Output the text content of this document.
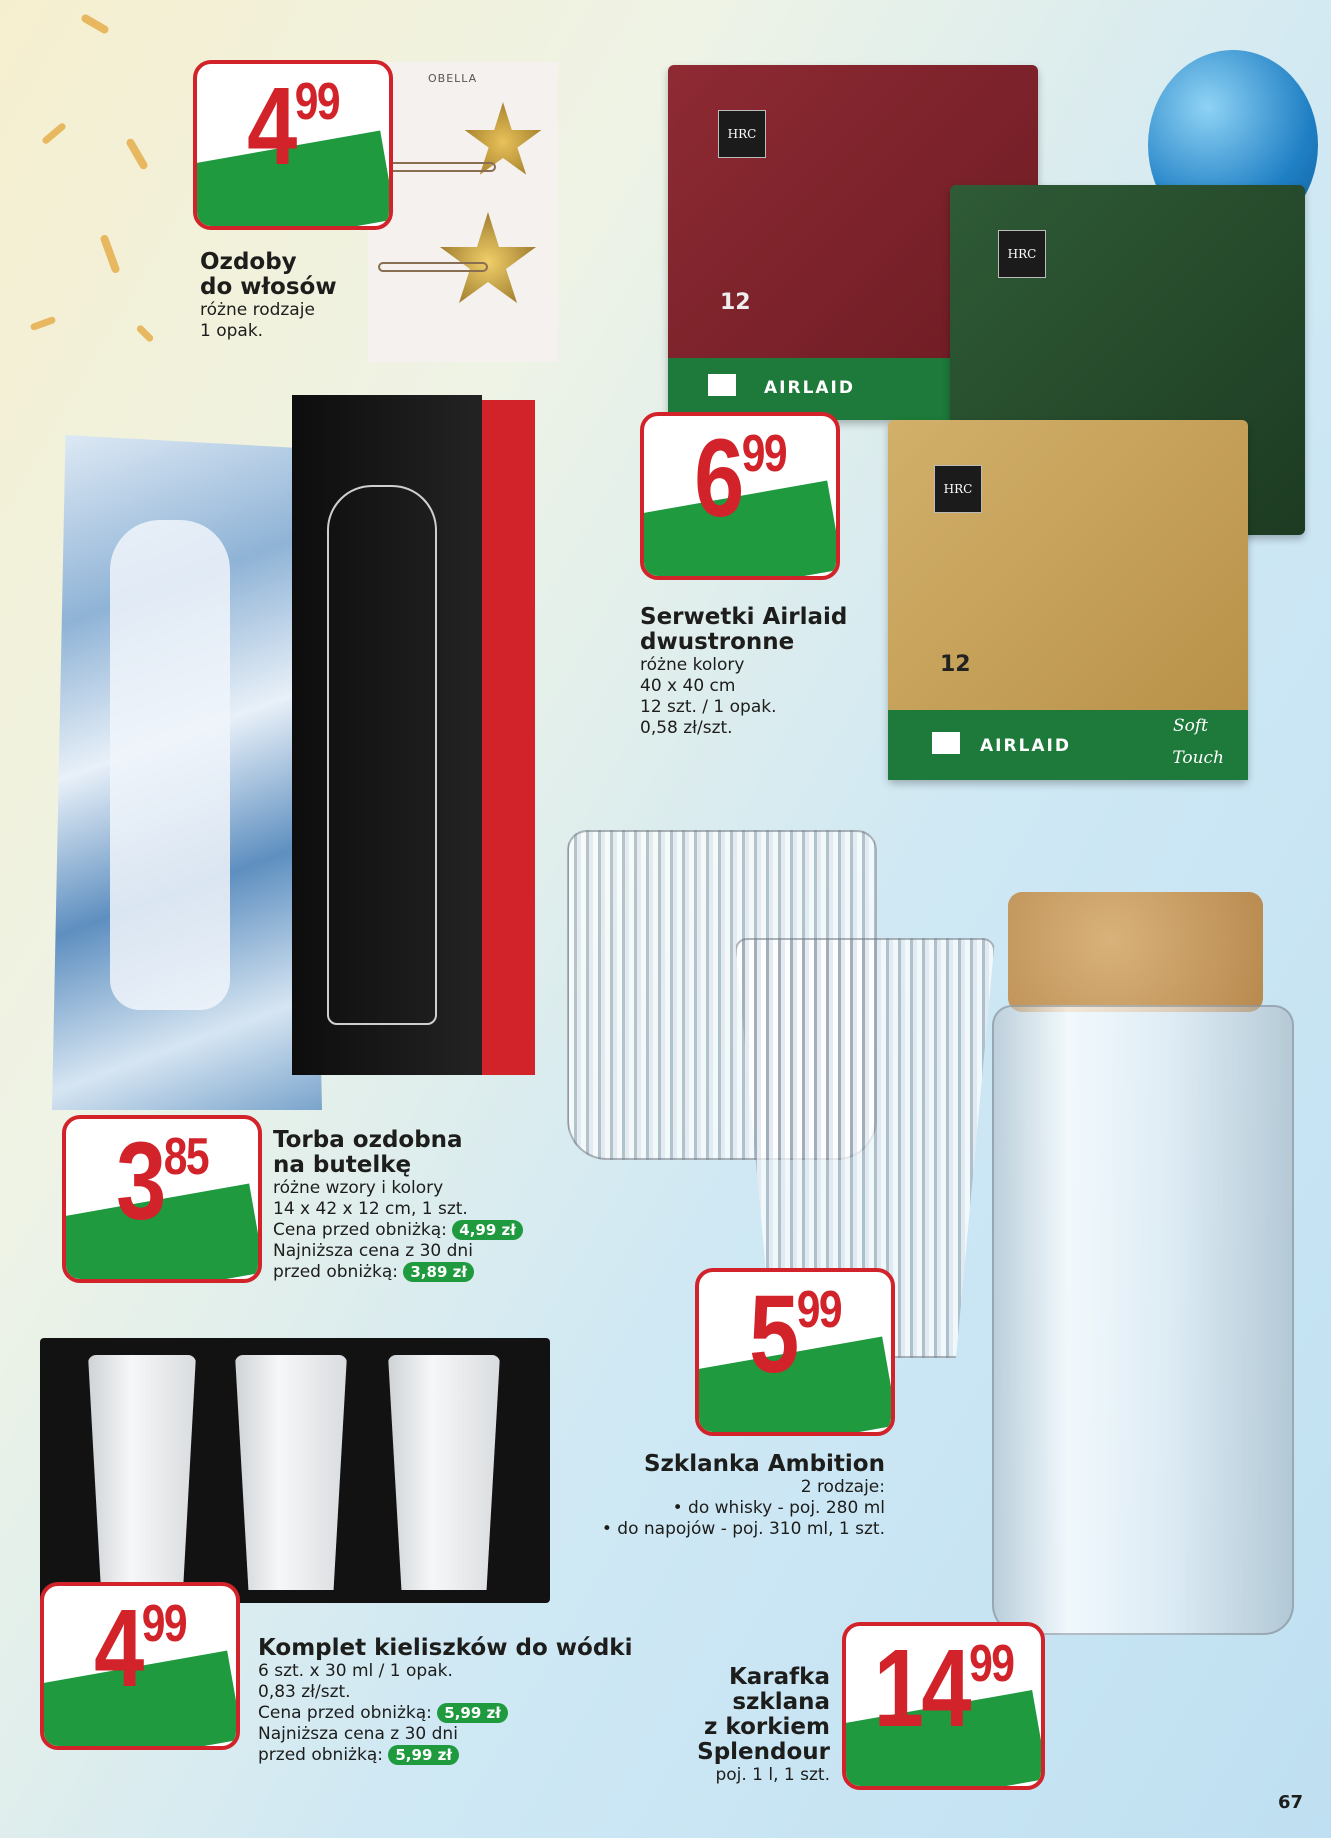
OBELLA
499
Ozdoby
do włosów
różne rodzaje
1 opak.
HRC
12
AIRLAID
HRC
HRC
12
AIRLAID
Soft
Touch
699
Serwetki Airlaid
dwustronne
różne kolory
40 x 40 cm
12 szt. / 1 opak.
0,58 zł/szt.
385	Torba ozdobna
na butelkę
różne wzory i kolory
14 x 42 x 12 cm, 1 szt.
Cena przed obniżką: 4,99 zł
Najniższa cena z 30 dni
przed obniżką: 3,89 zł
599
Szklanka Ambition
2 rodzaje:
• do whisky - poj. 280 ml
• do napojów - poj. 310 ml, 1 szt.
1499
Karafka
szklana
z korkiem
Splendour
poj. 1 l, 1 szt.
499	Komplet kieliszków do wódki
6 szt. x 30 ml / 1 opak.
0,83 zł/szt.
Cena przed obniżką: 5,99 zł
Najniższa cena z 30 dni
przed obniżką: 5,99 zł
67
